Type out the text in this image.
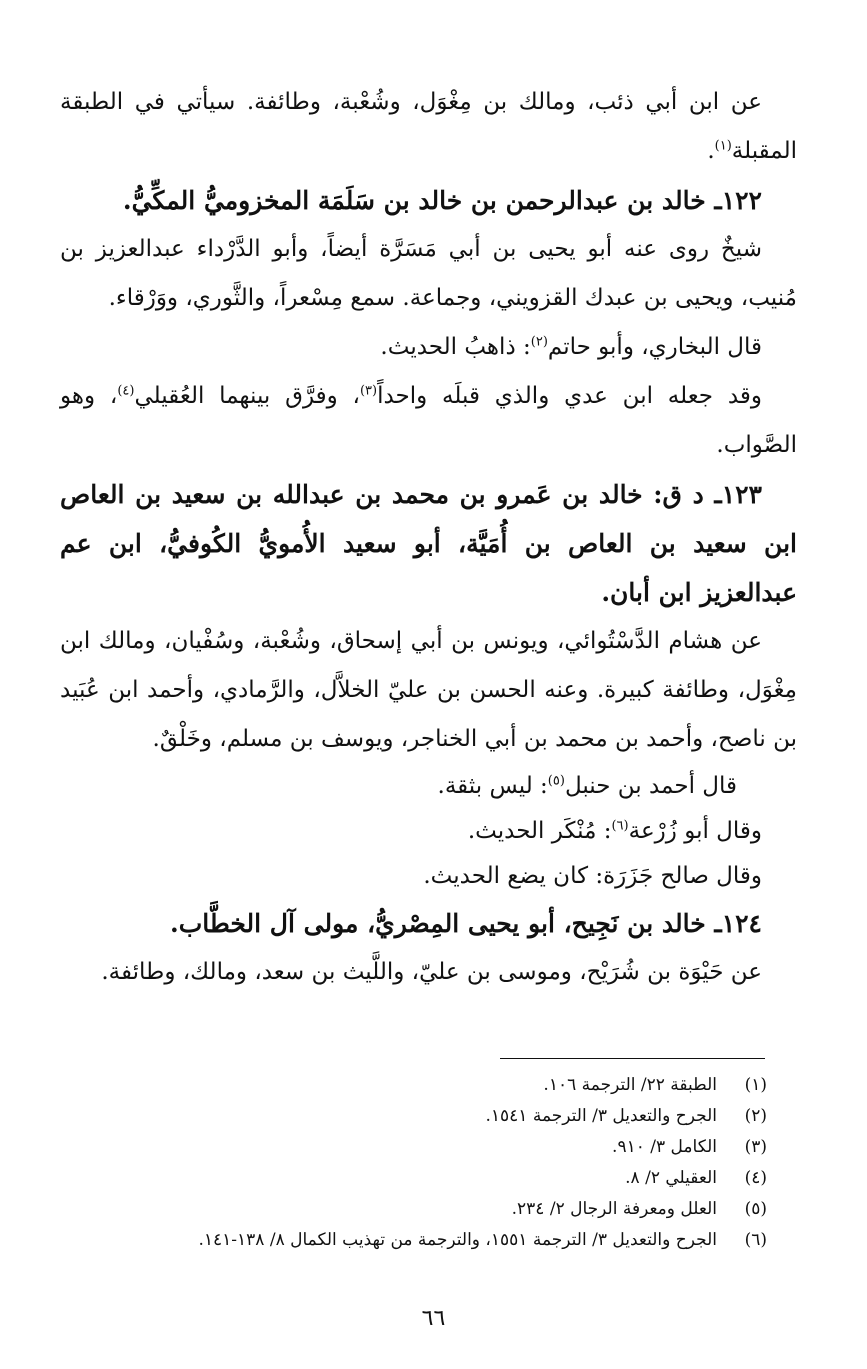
عن ابن أبي ذئب، ومالك بن مِغْوَل، وشُعْبة، وطائفة. سيأتي في الطبقة المقبلة$^{(١)}$.

١٢٢ـ خالد بن عبدالرحمن بن خالد بن سَلَمَة المخزوميُّ المكِّيُّ.

شيخٌ روى عنه أبو يحيى بن أبي مَسَرَّة أيضاً، وأبو الدَّرْداء عبدالعزيز بن مُنيب، ويحيى بن عبدك القزويني، وجماعة. سمع مِسْعراً، والثَّوري، ووَرْقاء.

قال البخاري، وأبو حاتم$^{(٢)}$: ذاهبُ الحديث.

وقد جعله ابن عدي والذي قبلَه واحداً$^{(٣)}$، وفرَّق بينهما العُقيلي$^{(٤)}$، وهو الصَّواب.

١٢٣ـ د ق: خالد بن عَمرو بن محمد بن عبدالله بن سعيد بن العاص ابن سعيد بن العاص بن أُمَيَّة، أبو سعيد الأُمويُّ الكُوفيُّ، ابن عم عبدالعزيز ابن أبان.

عن هشام الدَّسْتُوائي، ويونس بن أبي إسحاق، وشُعْبة، وسُفْيان، ومالك ابن مِغْوَل، وطائفة كبيرة. وعنه الحسن بن عليّ الخلاَّل، والرَّمادي، وأحمد ابن عُبَيد بن ناصح، وأحمد بن محمد بن أبي الخناجر، ويوسف بن مسلم، وخَلْقٌ.

قال أحمد بن حنبل$^{(٥)}$: ليس بثقة.

وقال أبو زُرْعة$^{(٦)}$: مُنْكَر الحديث.

وقال صالح جَزَرَة: كان يضع الحديث.

١٢٤ـ خالد بن نَجِيح، أبو يحيى المِصْريُّ، مولى آل الخطَّاب.

عن حَيْوَة بن شُرَيْح، وموسى بن عليّ، واللَّيث بن سعد، ومالك، وطائفة.

(١)
الطبقة ٢٢/ الترجمة ١٠٦.
(٢)
الجرح والتعديل ٣/ الترجمة ١٥٤١.
(٣)
الكامل ٣/ ٩١٠.
(٤)
العقيلي ٢/ ٨.
(٥)
العلل ومعرفة الرجال ٢/ ٢٣٤.
(٦)
الجرح والتعديل ٣/ الترجمة ١٥٥١، والترجمة من تهذيب الكمال ٨/ ١٣٨-١٤١.
٦٦
